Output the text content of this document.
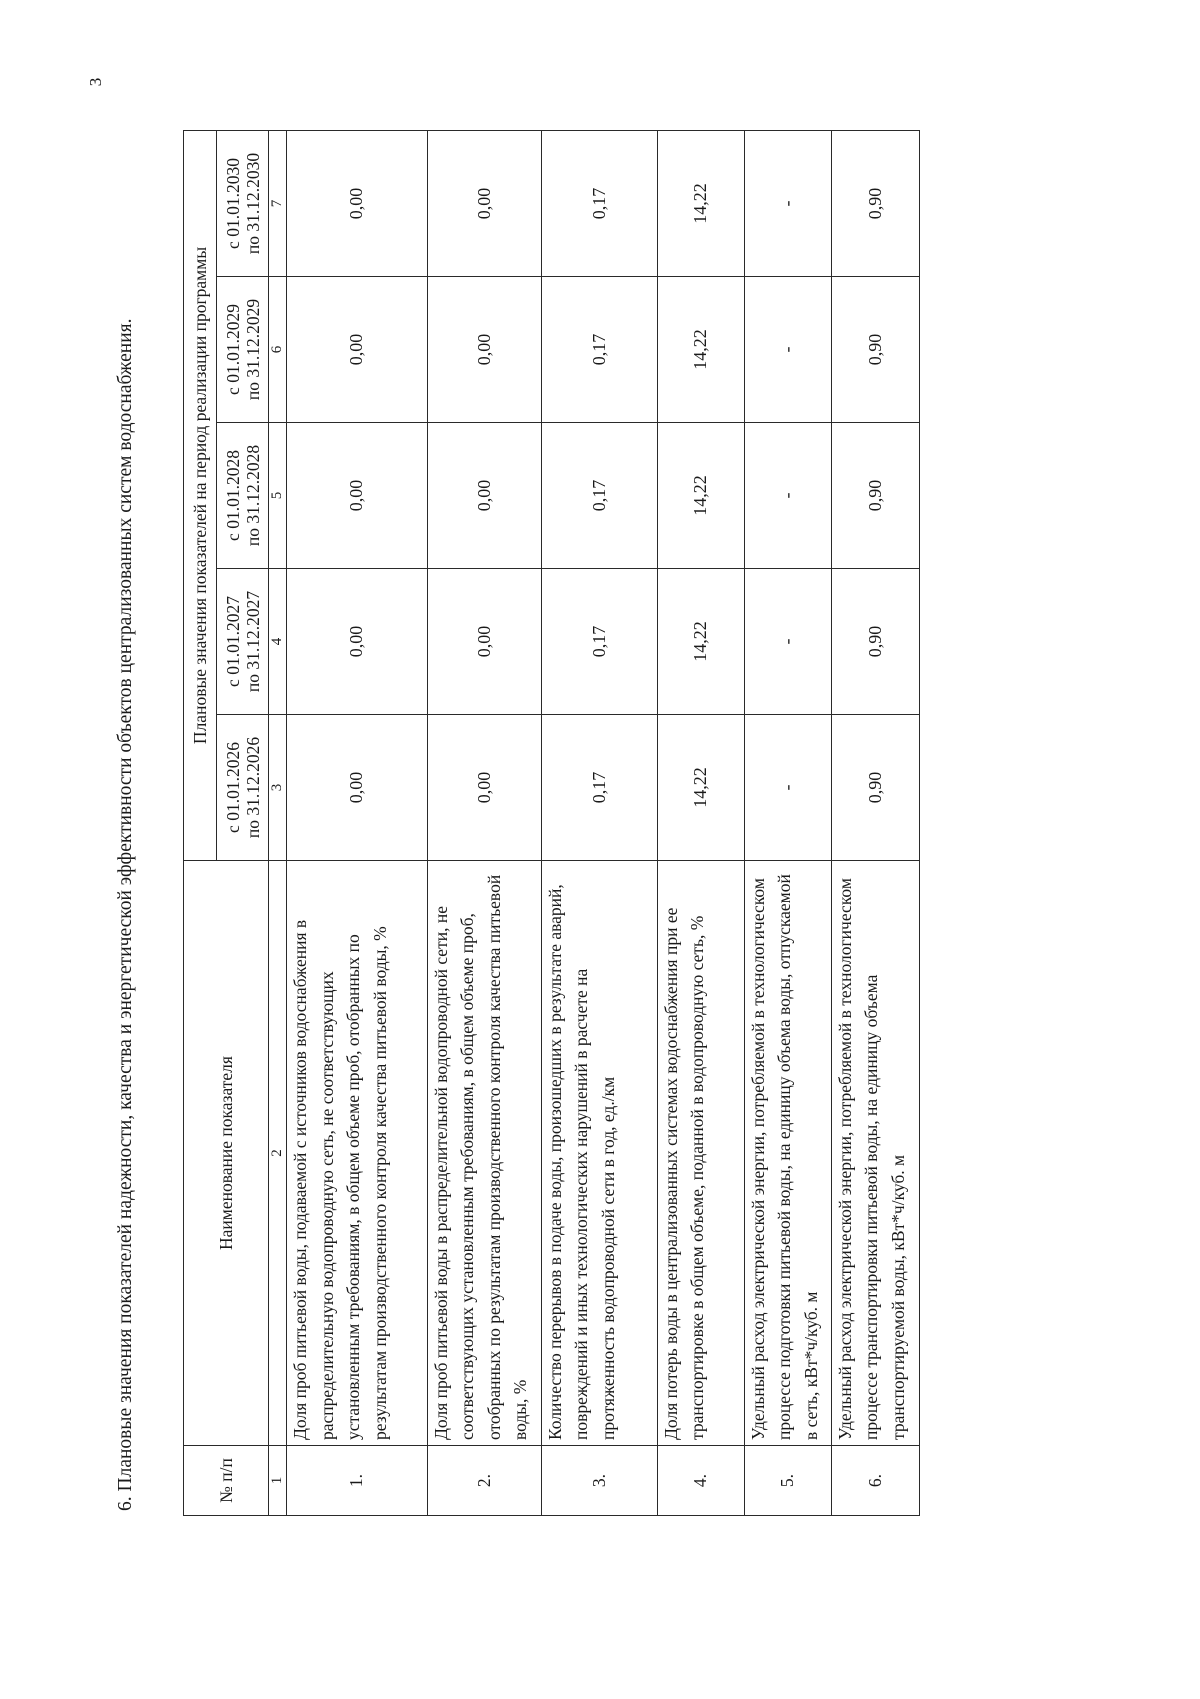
3

6. Плановые значения показателей надежности, качества и энергетической эффективности объектов централизованных систем водоснабжения.	№ п/п	Наименование показателя	Плановые значения показателей на период реализации программы				

		с 01.01.2026 по 31.12.2026	с 01.01.2027 по 31.12.2027	с 01.01.2028 по 31.12.2028	с 01.01.2029 по 31.12.2029	с 01.01.2030 по 31.12.2030

1	2	3	4	5	6	7
1.	Доля проб питьевой воды, подаваемой с источников водоснабжения в распределительную водопроводную сеть, не соответствующих установленным требованиям, в общем объеме проб, отобранных по результатам производственного контроля качества питьевой воды, %	0,00	0,00	0,00	0,00	0,00
2.	Доля проб питьевой воды в распределительной водопроводной сети, не соответствующих установленным требованиям, в общем объеме проб, отобранных по результатам производственного контроля качества питьевой воды, %	0,00	0,00	0,00	0,00	0,00
3.	Количество перерывов в подаче воды, произошедших в результате аварий, повреждений и иных технологических нарушений в расчете на протяженность водопроводной сети в год, ед./км	0,17	0,17	0,17	0,17	0,17
4.	Доля потерь воды в централизованных системах водоснабжения при ее транспортировке в общем объеме, поданной в водопроводную сеть, %	14,22	14,22	14,22	14,22	14,22
5.	Удельный расход электрической энергии, потребляемой в технологическом процессе подготовки питьевой воды, на единицу объема воды, отпускаемой в сеть, кВт*ч/куб. м	-	-	-	-	-
6.	Удельный расход электрической энергии, потребляемой в технологическом процессе транспортировки питьевой воды, на единицу объема транспортируемой воды, кВт*ч/куб. м	0,90	0,90	0,90	0,90	0,90
